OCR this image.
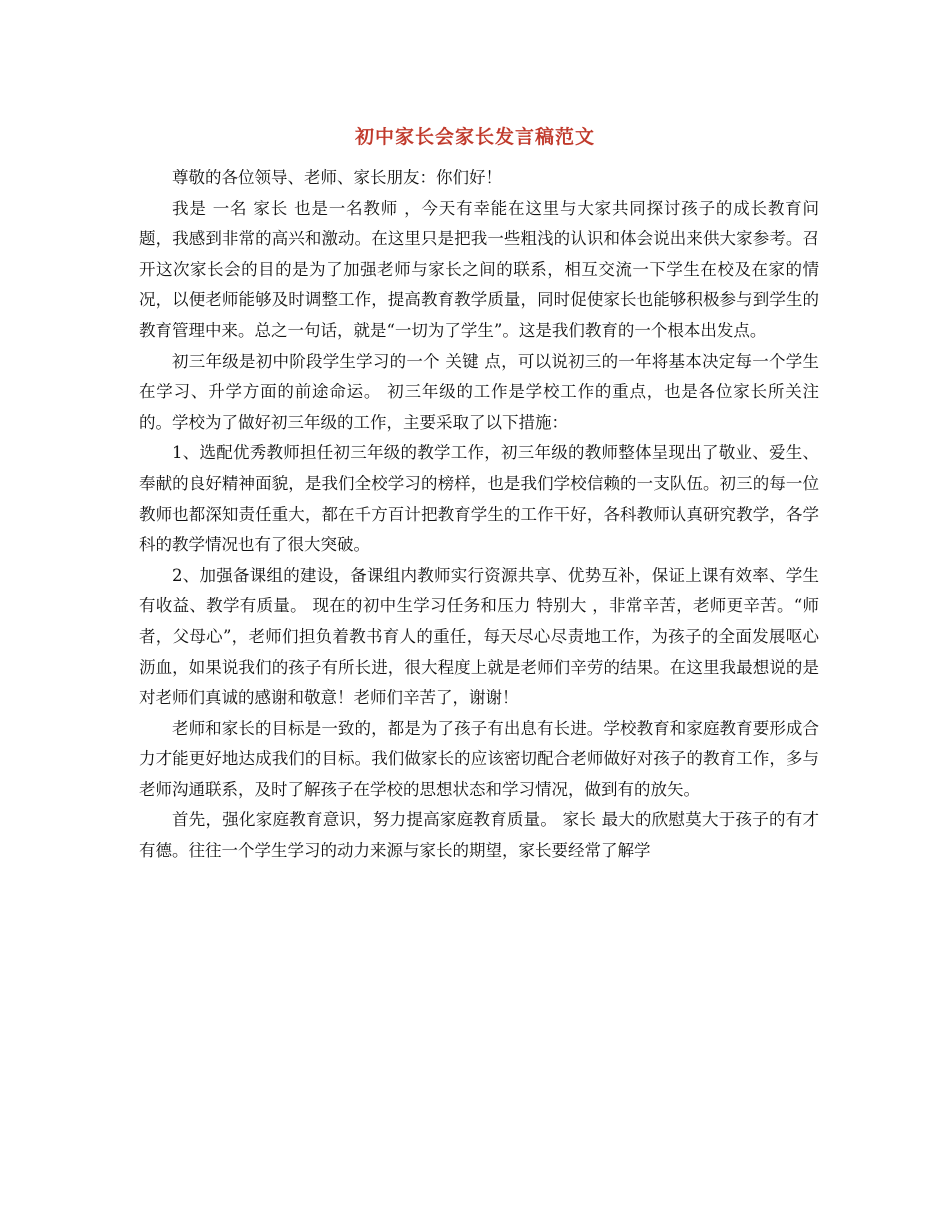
初中家长会家长发言稿范文

尊敬的各位领导、老师、家长朋友：你们好！

我是 一名 家长 也是一名教师 ，今天有幸能在这里与大家共同探讨孩子的成长教育问题，我感到非常的高兴和激动。在这里只是把我一些粗浅的认识和体会说出来供大家参考。召开这次家长会的目的是为了加强老师与家长之间的联系，相互交流一下学生在校及在家的情况，以便老师能够及时调整工作，提高教育教学质量，同时促使家长也能够积极参与到学生的教育管理中来。总之一句话，就是“一切为了学生”。这是我们教育的一个根本出发点。

初三年级是初中阶段学生学习的一个 关键 点，可以说初三的一年将基本决定每一个学生在学习、升学方面的前途命运。 初三年级的工作是学校工作的重点，也是各位家长所关注的。学校为了做好初三年级的工作，主要采取了以下措施：

1、选配优秀教师担任初三年级的教学工作，初三年级的教师整体呈现出了敬业、爱生、奉献的良好精神面貌，是我们全校学习的榜样，也是我们学校信赖的一支队伍。初三的每一位教师也都深知责任重大，都在千方百计把教育学生的工作干好，各科教师认真研究教学，各学科的教学情况也有了很大突破。

2、加强备课组的建设，备课组内教师实行资源共享、优势互补，保证上课有效率、学生有收益、教学有质量。 现在的初中生学习任务和压力 特别大 ，非常辛苦，老师更辛苦。“师者，父母心”，老师们担负着教书育人的重任，每天尽心尽责地工作，为孩子的全面发展呕心沥血，如果说我们的孩子有所长进，很大程度上就是老师们辛劳的结果。在这里我最想说的是对老师们真诚的感谢和敬意！老师们辛苦了，谢谢！

老师和家长的目标是一致的，都是为了孩子有出息有长进。学校教育和家庭教育要形成合力才能更好地达成我们的目标。我们做家长的应该密切配合老师做好对孩子的教育工作，多与老师沟通联系，及时了解孩子在学校的思想状态和学习情况，做到有的放矢。

首先，强化家庭教育意识，努力提高家庭教育质量。 家长 最大的欣慰莫大于孩子的有才有德。往往一个学生学习的动力来源与家长的期望，家长要经常了解学
